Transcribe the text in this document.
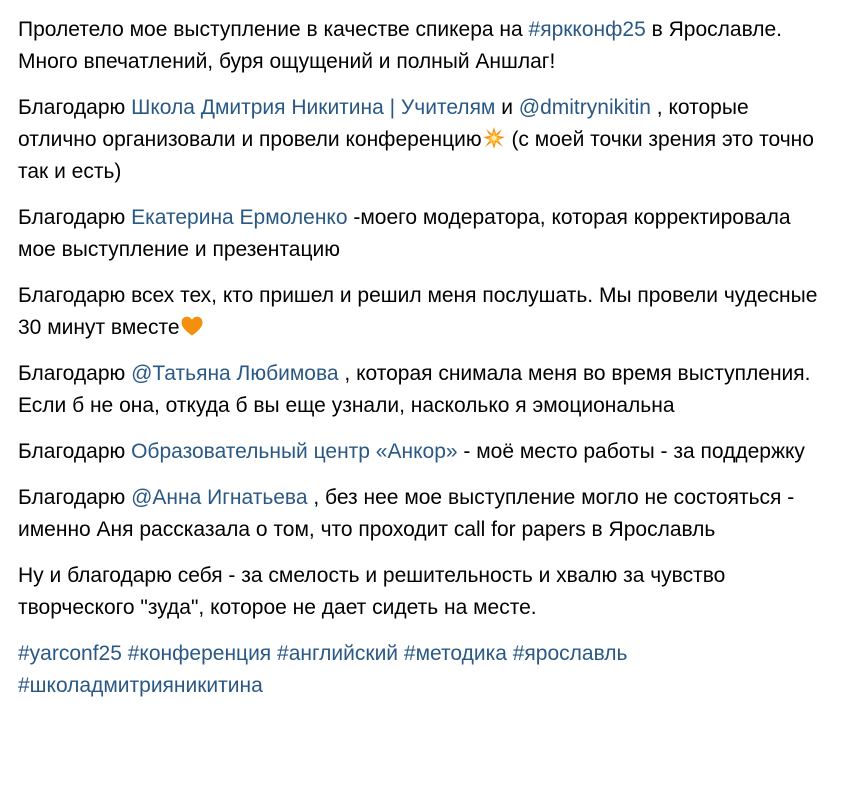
Пролетело мое выступление в качестве спикера на #яркконф25 в Ярославле. Много впечатлений, буря ощущений и полный Аншлаг!

Благодарю Школа Дмитрия Никитина | Учителям и @dmitrynikitin , которые отлично организовали и провели конференцию
(с моей точки зрения это точно так и есть)

Благодарю Екатерина Ермоленко -моего модератора, которая корректировала мое выступление и презентацию

Благодарю всех тех, кто пришел и решил меня послушать. Мы провели чудесные 30 минут вместе

Благодарю @Татьяна Любимова , которая снимала меня во время выступления. Если б не она, откуда б вы еще узнали, насколько я эмоциональна

Благодарю Образовательный центр «Анкор» - моё место работы - за поддержку

Благодарю @Анна Игнатьева , без нее мое выступление могло не состояться - именно Аня рассказала о том, что проходит call for papers в Ярославль

Ну и благодарю себя - за смелость и решительность и хвалю за чувство творческого "зуда", которое не дает сидеть на месте.

#yarconf25 #конференция #английский #методика #ярославль #школадмитрияникитина
